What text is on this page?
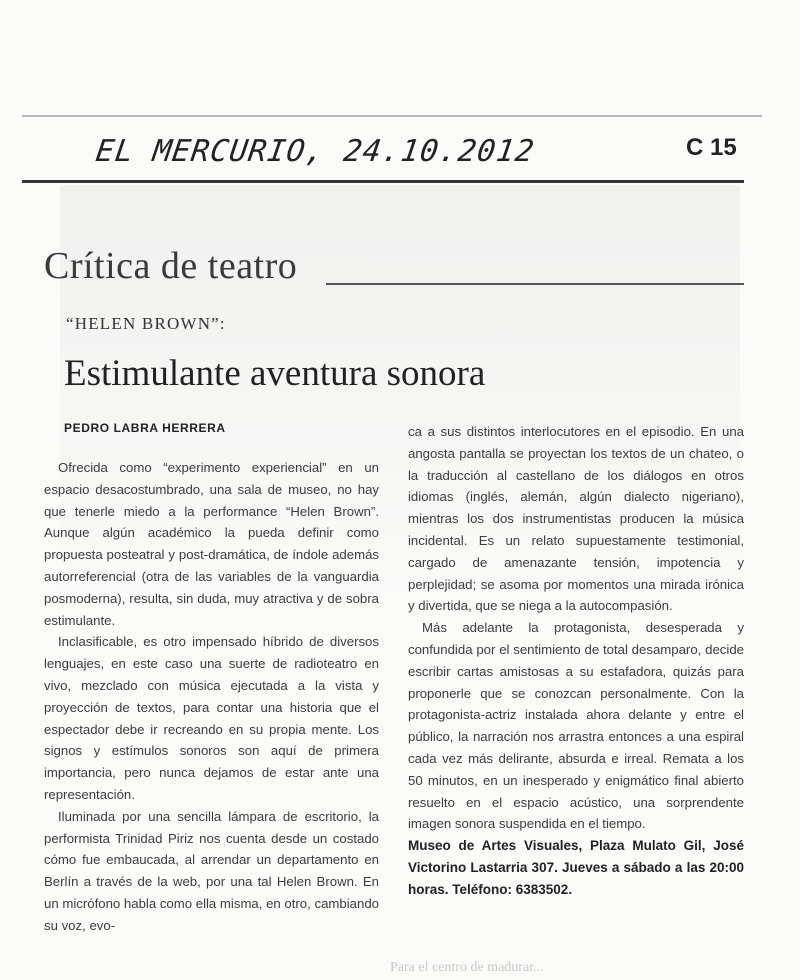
EL MERCURIO, 24.10.2012	C 15
Crítica de teatro
“HELEN BROWN”:
Estimulante aventura sonora
PEDRO LABRA HERRERA

Ofrecida como “experimento experiencial” en un espacio desacostumbrado, una sala de museo, no hay que tenerle miedo a la performance “Helen Brown”. Aunque algún académico la pueda definir como propuesta posteatral y post-dramática, de índole además autorreferencial (otra de las variables de la vanguardia posmoderna), resulta, sin duda, muy atractiva y de sobra estimulante.

Inclasificable, es otro impensado híbrido de diversos lenguajes, en este caso una suerte de radioteatro en vivo, mezclado con música ejecutada a la vista y proyección de textos, para contar una historia que el espectador debe ir recreando en su propia mente. Los signos y estímulos sonoros son aquí de primera importancia, pero nunca dejamos de estar ante una representación.

Iluminada por una sencilla lámpara de escritorio, la performista Trinidad Piriz nos cuenta desde un costado cómo fue embaucada, al arrendar un departamento en Berlín a través de la web, por una tal Helen Brown. En un micrófono habla como ella misma, en otro, cambiando su voz, evo-

ca a sus distintos interlocutores en el episodio. En una angosta pantalla se proyectan los textos de un chateo, o la traducción al castellano de los diálogos en otros idiomas (inglés, alemán, algún dialecto nigeriano), mientras los dos instrumentistas producen la música incidental. Es un relato supuestamente testimonial, cargado de amenazante tensión, impotencia y perplejidad; se asoma por momentos una mirada irónica y divertida, que se niega a la autocompasión.

Más adelante la protagonista, desesperada y confundida por el sentimiento de total desamparo, decide escribir cartas amistosas a su estafadora, quizás para proponerle que se conozcan personalmente. Con la protagonista-actriz instalada ahora delante y entre el público, la narración nos arrastra entonces a una espiral cada vez más delirante, absurda e irreal. Remata a los 50 minutos, en un inesperado y enigmático final abierto resuelto en el espacio acústico, una sorprendente imagen sonora suspendida en el tiempo.

Museo de Artes Visuales, Plaza Mulato Gil, José Victorino Lastarria 307. Jueves a sábado a las 20:00 horas. Teléfono: 6383502.

Para el centro de madurar...
